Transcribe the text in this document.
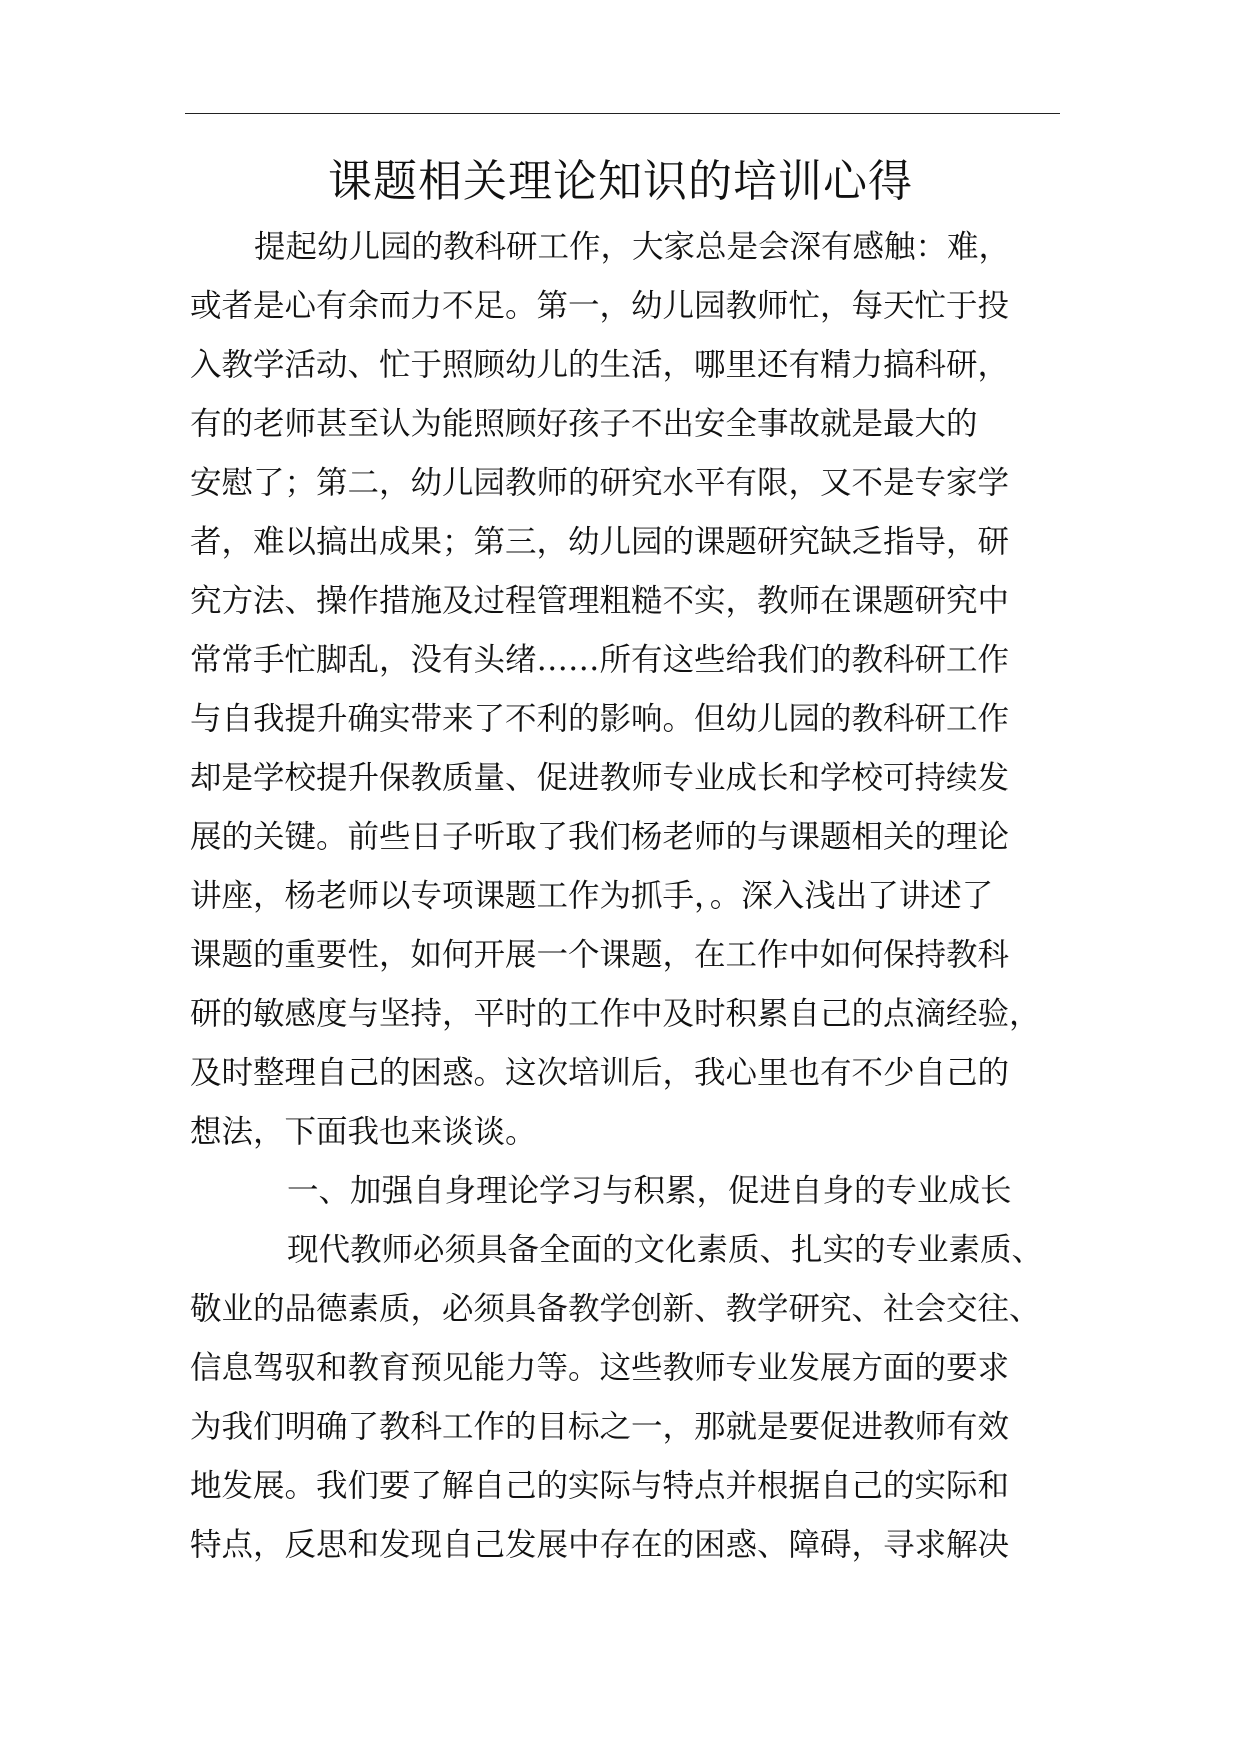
课题相关理论知识的培训心得
提起幼儿园的教科研工作，大家总是会深有感触：难，
或者是心有余而力不足。第一，幼儿园教师忙，每天忙于投
入教学活动、忙于照顾幼儿的生活，哪里还有精力搞科研，
有的老师甚至认为能照顾好孩子不出安全事故就是最大的
安慰了；第二，幼儿园教师的研究水平有限，又不是专家学
者，难以搞出成果；第三，幼儿园的课题研究缺乏指导，研
究方法、操作措施及过程管理粗糙不实，教师在课题研究中
常常手忙脚乱，没有头绪……所有这些给我们的教科研工作
与自我提升确实带来了不利的影响。但幼儿园的教科研工作
却是学校提升保教质量、促进教师专业成长和学校可持续发
展的关键。前些日子听取了我们杨老师的与课题相关的理论
讲座，杨老师以专项课题工作为抓手，。深入浅出了讲述了
课题的重要性，如何开展一个课题，在工作中如何保持教科
研的敏感度与坚持，平时的工作中及时积累自己的点滴经验，
及时整理自己的困惑。这次培训后，我心里也有不少自己的
想法，下面我也来谈谈。
一、加强自身理论学习与积累，促进自身的专业成长
现代教师必须具备全面的文化素质、扎实的专业素质、
敬业的品德素质，必须具备教学创新、教学研究、社会交往、
信息驾驭和教育预见能力等。这些教师专业发展方面的要求
为我们明确了教科工作的目标之一，那就是要促进教师有效
地发展。我们要了解自己的实际与特点并根据自己的实际和
特点，反思和发现自己发展中存在的困惑、障碍，寻求解决
